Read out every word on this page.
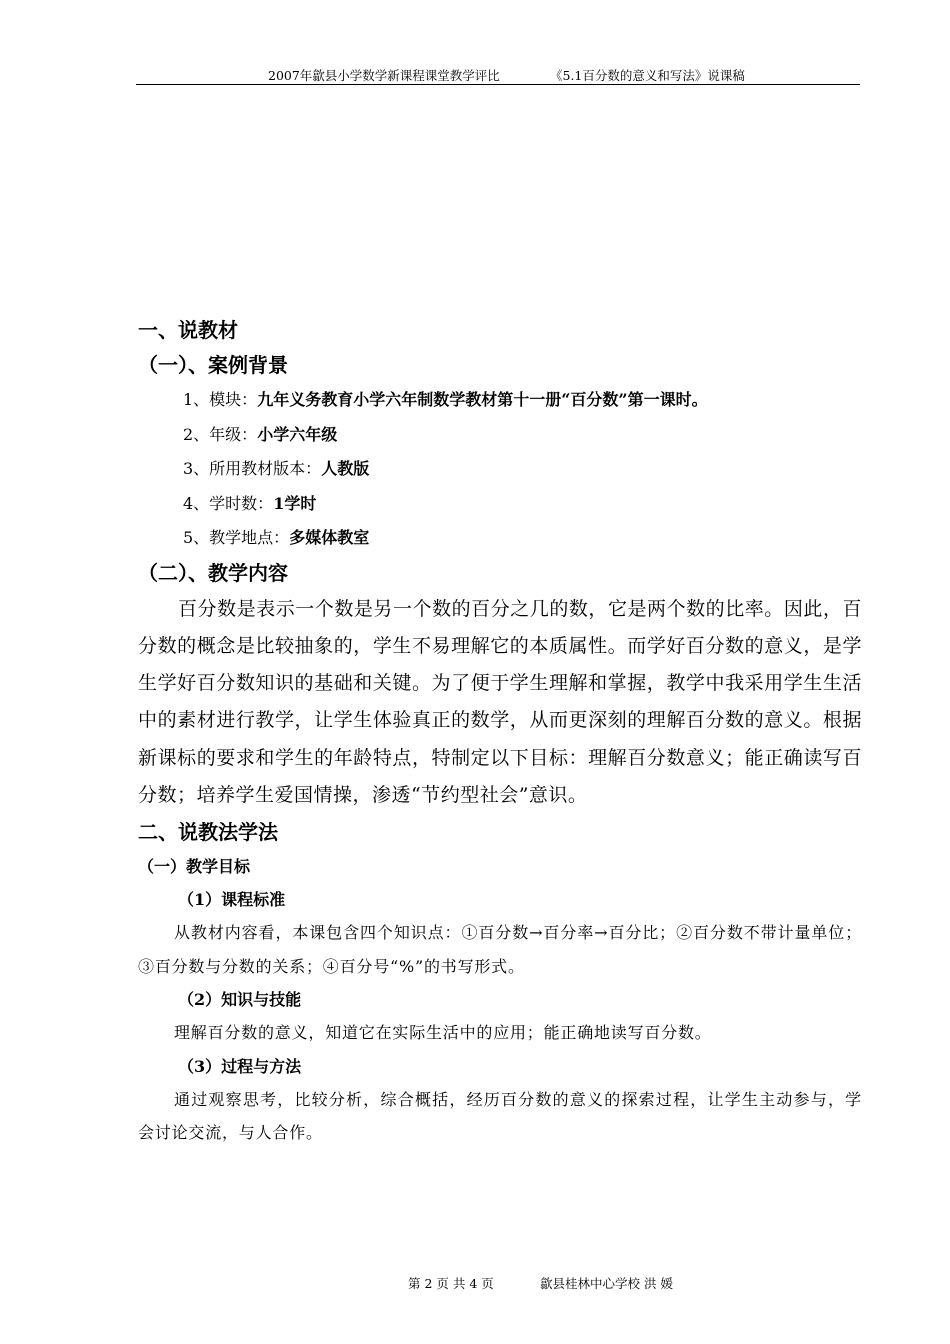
2007年歙县小学数学新课程课堂教学评比	《5.1百分数的意义和写法》说课稿
一、说教材
（一）、案例背景
1、模块：九年义务教育小学六年制数学教材第十一册“百分数”第一课时。
2、年级：小学六年级
3、所用教材版本：人教版
4、学时数：1学时
5、教学地点：多媒体教室
（二）、教学内容

百分数是表示一个数是另一个数的百分之几的数，它是两个数的比率。因此，百分数的概念是比较抽象的，学生不易理解它的本质属性。而学好百分数的意义，是学生学好百分数知识的基础和关键。为了便于学生理解和掌握，教学中我采用学生生活中的素材进行教学，让学生体验真正的数学，从而更深刻的理解百分数的意义。根据新课标的要求和学生的年龄特点，特制定以下目标：理解百分数意义；能正确读写百分数；培养学生爱国情操，渗透“节约型社会”意识。

二、说教法学法
（一）教学目标
（1）课程标准

从教材内容看，本课包含四个知识点：①百分数→百分率→百分比；②百分数不带计量单位；③百分数与分数的关系；④百分号“%”的书写形式。

（2）知识与技能

理解百分数的意义，知道它在实际生活中的应用；能正确地读写百分数。

（3）过程与方法

通过观察思考，比较分析，综合概括，经历百分数的意义的探索过程，让学生主动参与，学会讨论交流，与人合作。

第 2 页 共 4 页	歙县桂林中心学校 洪 媛
